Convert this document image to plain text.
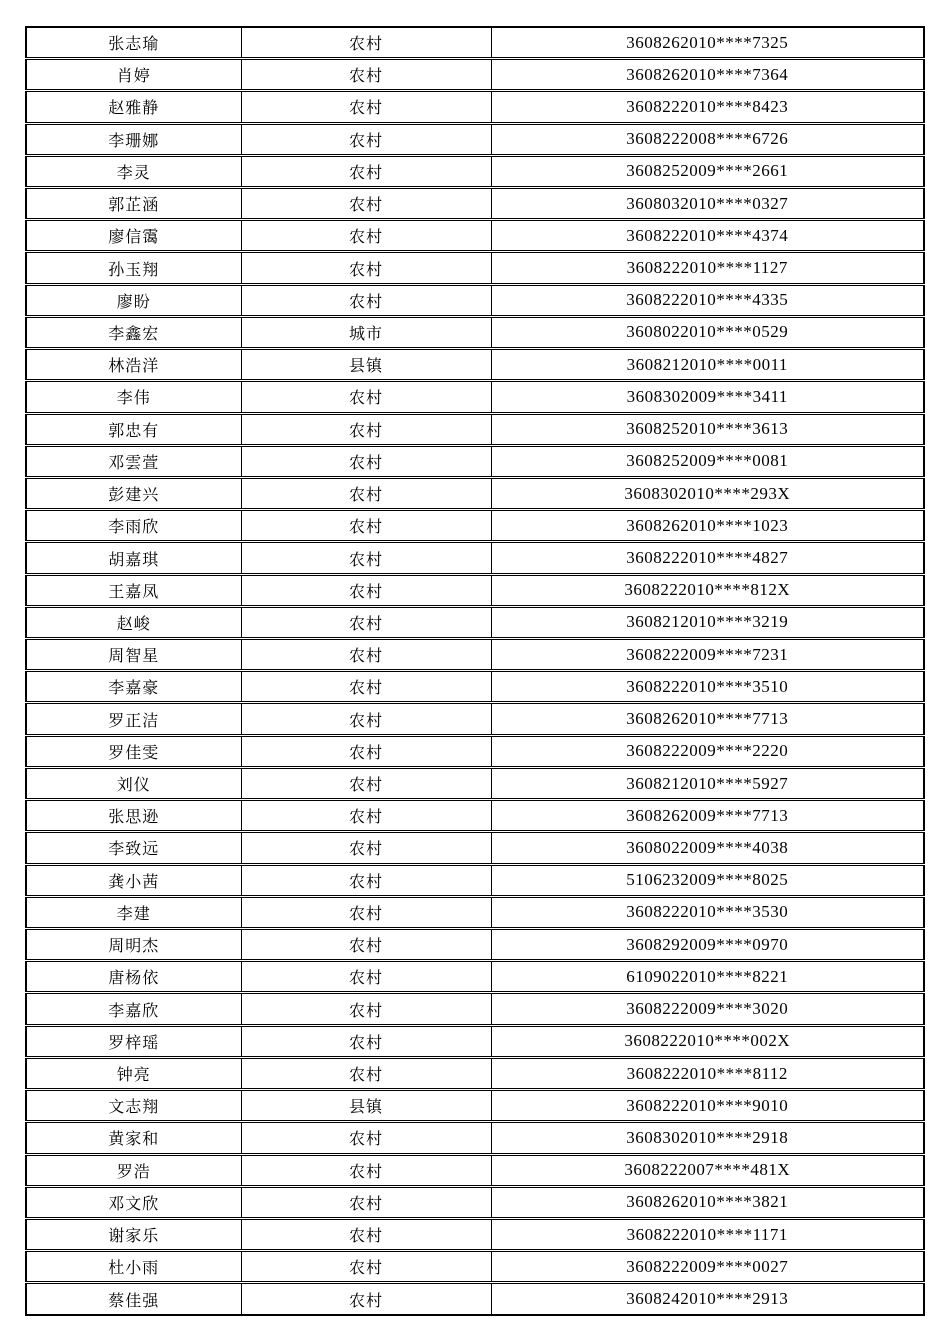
张志瑜	农村	3608262010****7325
肖婷	农村	3608262010****7364
赵雅静	农村	3608222010****8423
李珊娜	农村	3608222008****6726
李灵	农村	3608252009****2661
郭芷涵	农村	3608032010****0327
廖信霭	农村	3608222010****4374
孙玉翔	农村	3608222010****1127
廖盼	农村	3608222010****4335
李鑫宏	城市	3608022010****0529
林浩洋	县镇	3608212010****0011
李伟	农村	3608302009****3411
郭忠有	农村	3608252010****3613
邓雲萱	农村	3608252009****0081
彭建兴	农村	3608302010****293X
李雨欣	农村	3608262010****1023
胡嘉琪	农村	3608222010****4827
王嘉凤	农村	3608222010****812X
赵峻	农村	3608212010****3219
周智星	农村	3608222009****7231
李嘉豪	农村	3608222010****3510
罗正洁	农村	3608262010****7713
罗佳雯	农村	3608222009****2220
刘仪	农村	3608212010****5927
张思逊	农村	3608262009****7713
李致远	农村	3608022009****4038
龚小茜	农村	5106232009****8025
李建	农村	3608222010****3530
周明杰	农村	3608292009****0970
唐杨依	农村	6109022010****8221
李嘉欣	农村	3608222009****3020
罗梓瑶	农村	3608222010****002X
钟亮	农村	3608222010****8112
文志翔	县镇	3608222010****9010
黄家和	农村	3608302010****2918
罗浩	农村	3608222007****481X
邓文欣	农村	3608262010****3821
谢家乐	农村	3608222010****1171
杜小雨	农村	3608222009****0027
蔡佳强	农村	3608242010****2913
